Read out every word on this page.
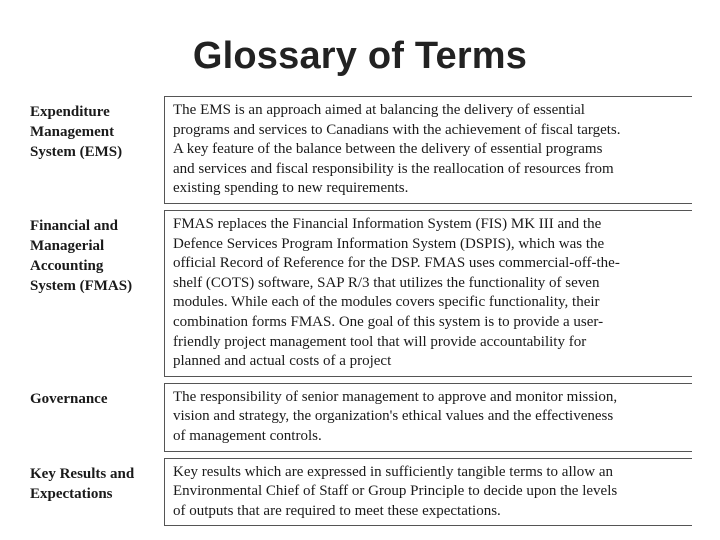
Glossary of Terms
Expenditure
Management
System (EMS)
The EMS is an approach aimed at balancing the delivery of essential
programs and services to Canadians with the achievement of fiscal targets.
A key feature of the balance between the delivery of essential programs
and services and fiscal responsibility is the reallocation of resources from
existing spending to new requirements.
Financial and
Managerial
Accounting
System (FMAS)
FMAS replaces the Financial Information System (FIS) MK III and the
Defence Services Program Information System (DSPIS), which was the
official Record of Reference for the DSP. FMAS uses commercial-off-the-
shelf (COTS) software, SAP R/3 that utilizes the functionality of seven
modules. While each of the modules covers specific functionality, their
combination forms FMAS. One goal of this system is to provide a user-
friendly project management tool that will provide accountability for
planned and actual costs of a project
Governance	The responsibility of senior management to approve and monitor mission,
vision and strategy, the organization's ethical values and the effectiveness
of management controls.
Key Results and
Expectations
Key results which are expressed in sufficiently tangible terms to allow an
Environmental Chief of Staff or Group Principle to decide upon the levels
of outputs that are required to meet these expectations.
